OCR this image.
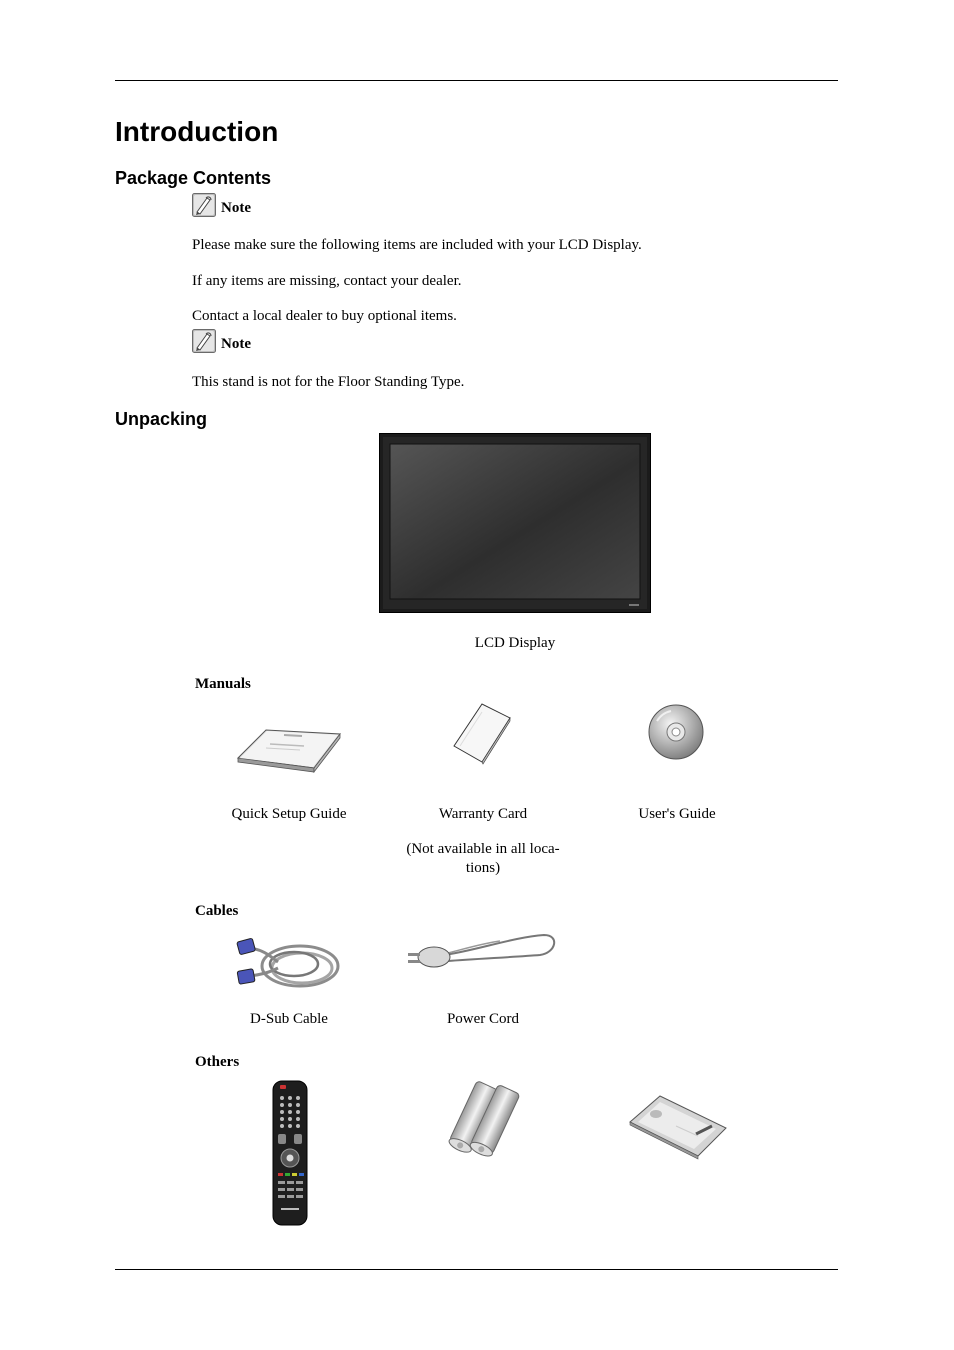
Introduction
Package Contents
Note

Please make sure the following items are included with your LCD Display.

If any items are missing, contact your dealer.

Contact a local dealer to buy optional items.

Note

This stand is not for the Floor Standing Type.

Unpacking

LCD Display

Manuals

Quick Setup Guide	Warranty Card	User's Guide

(Not available in all loca- tions)

Cables

D-Sub Cable	Power Cord

Others
